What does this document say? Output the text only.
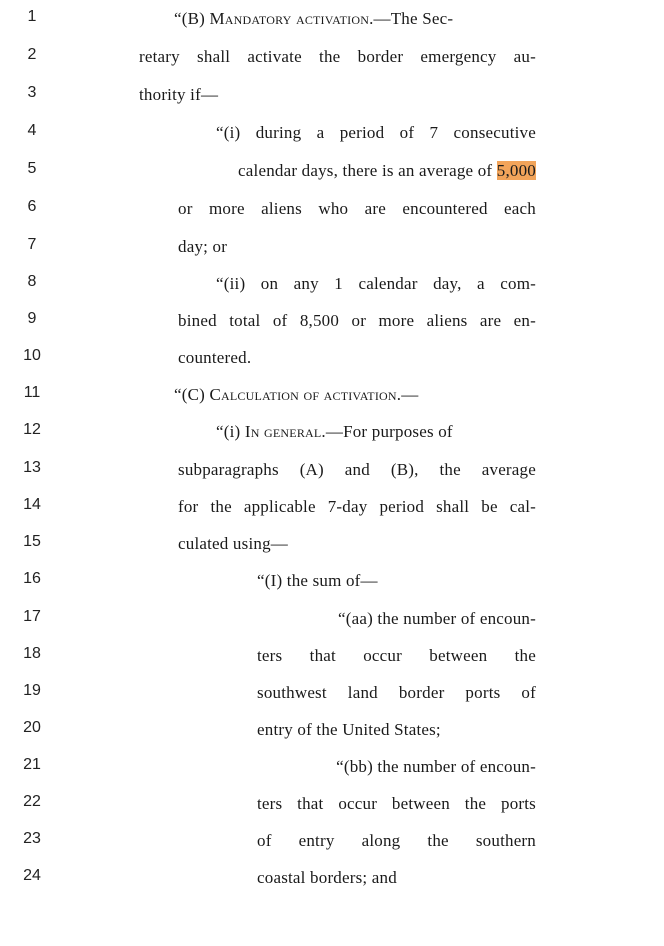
1	“(B) Mandatory activation.—The Sec-
2	retary shall activate the border emergency au-
3	thority if—
4	“(i) during a period of 7 consecutive
5	calendar days, there is an average of 5,000
6	or more aliens who are encountered each
7	day; or
8	“(ii) on any 1 calendar day, a com-
9	bined total of 8,500 or more aliens are en-
10	countered.
11	“(C) Calculation of activation.—
12	“(i) In general.—For purposes of
13	subparagraphs (A) and (B), the average
14	for the applicable 7-day period shall be cal-
15	culated using—
16	“(I) the sum of—
17	“(aa) the number of encoun-
18	ters that occur between the
19	southwest land border ports of
20	entry of the United States;
21	“(bb) the number of encoun-
22	ters that occur between the ports
23	of entry along the southern
24	coastal borders; and
